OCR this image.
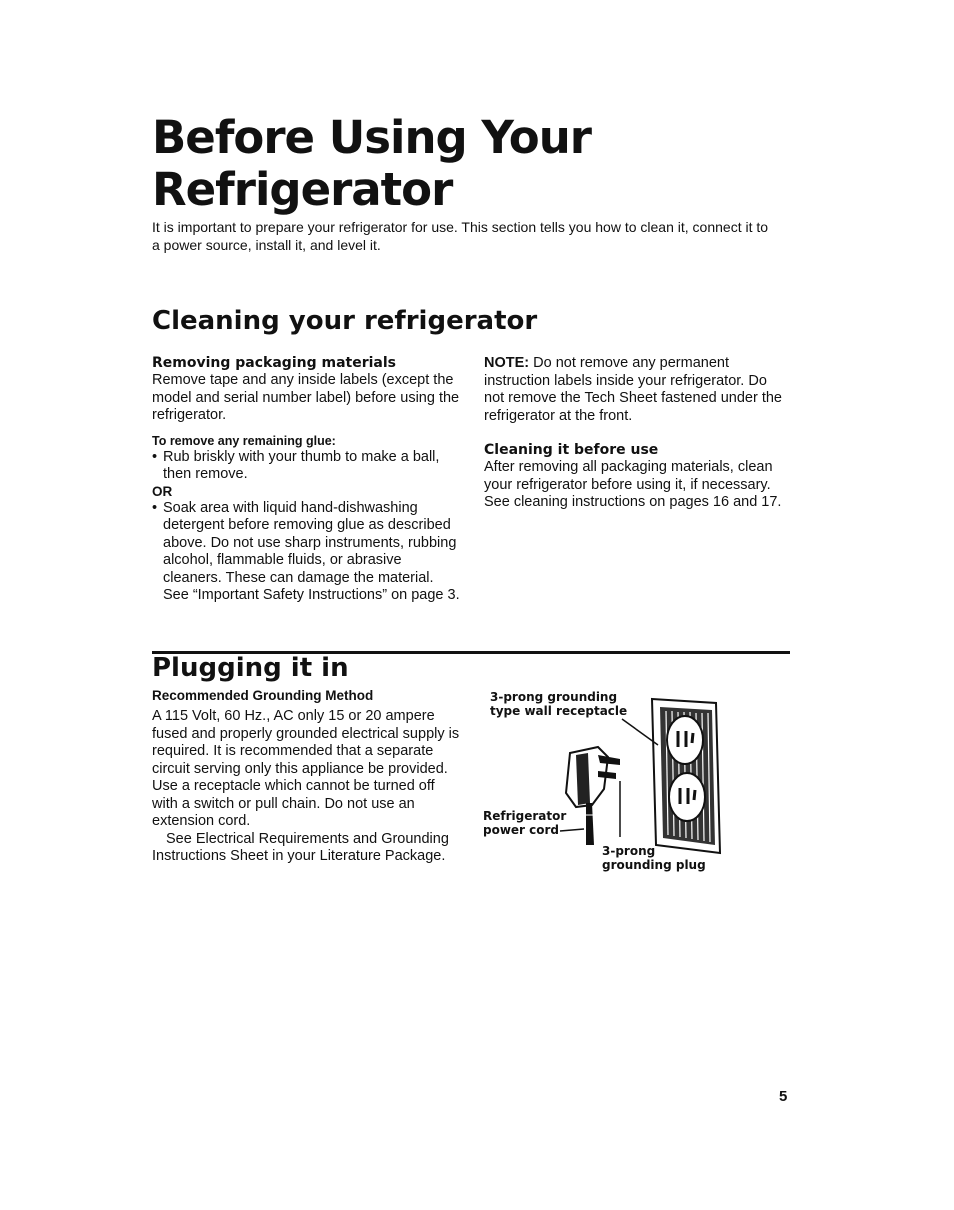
Before Using Your
Refrigerator

It is important to prepare your refrigerator for use. This section tells you how to clean it, connect it to a power source, install it, and level it.

Cleaning your refrigerator
Removing packaging materials

Remove tape and any inside labels (except the model and serial number label) before using the refrigerator.

To remove any remaining glue:

• Rub briskly with your thumb to make a ball, then remove.

OR

• Soak area with liquid hand-dishwashing detergent before removing glue as described above. Do not use sharp instruments, rubbing alcohol, flammable fluids, or abrasive cleaners. These can damage the material. See “Important Safety Instructions” on page 3.

NOTE: Do not remove any permanent instruction labels inside your refrigerator. Do not remove the Tech Sheet fastened under the refrigerator at the front.

Cleaning it before use

After removing all packaging materials, clean your refrigerator before using it, if necessary. See cleaning instructions on pages 16 and 17.

Plugging it in

Recommended Grounding Method

A 115 Volt, 60 Hz., AC only 15 or 20 ampere fused and properly grounded electrical supply is required. It is recommended that a separate circuit serving only this appliance be provided. Use a receptacle which cannot be turned off with a switch or pull chain. Do not use an extension cord.

See Electrical Requirements and Grounding Instructions Sheet in your Literature Package.

3-prong grounding
type wall receptacle
Refrigerator
power cord
3-prong
grounding plug
5
